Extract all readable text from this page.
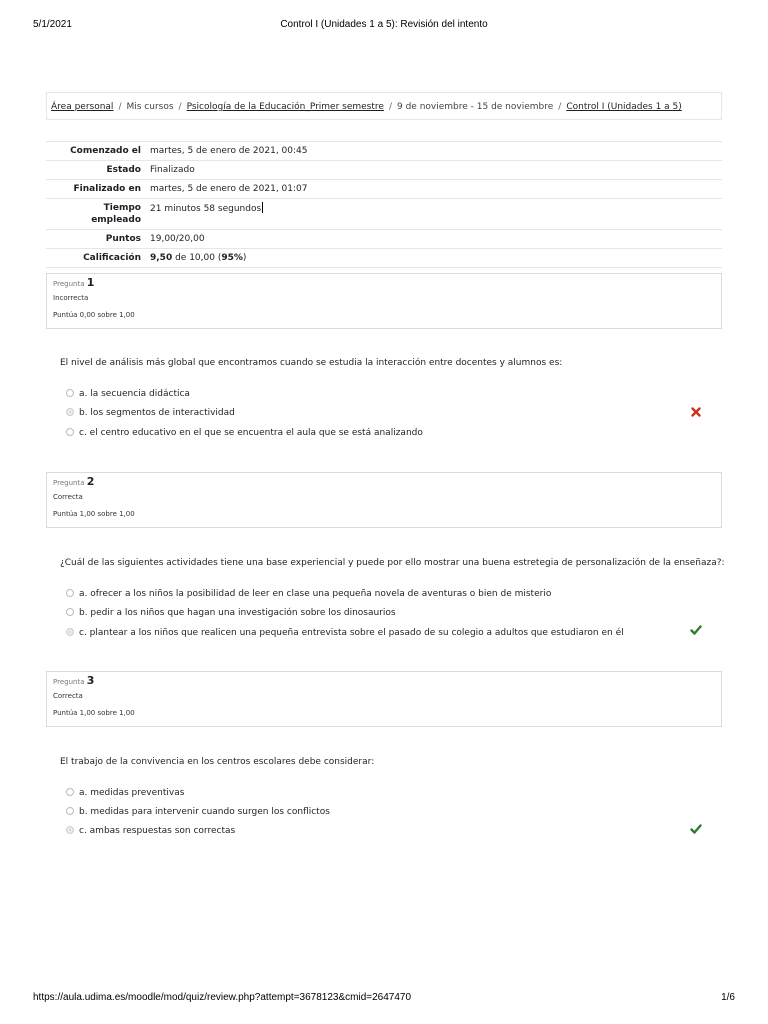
5/1/2021	Control I (Unidades 1 a 5): Revisión del intento
Área personal / Mis cursos / Psicología de la Educación_Primer semestre / 9 de noviembre - 15 de noviembre / Control I (Unidades 1 a 5)
Comenzado el	martes, 5 de enero de 2021, 00:45
Estado	Finalizado
Finalizado en	martes, 5 de enero de 2021, 01:07
Tiempo
empleado	21 minutos 58 segundos
Puntos	19,00/20,00
Calificación	9,50 de 10,00 (95%)
Pregunta 1
Incorrecta
Puntúa 0,00 sobre 1,00
El nivel de análisis más global que encontramos cuando se estudia la interacción entre docentes y alumnos es:
a. la secuencia didáctica
b. los segmentos de interactividad
c. el centro educativo en el que se encuentra el aula que se está analizando
Pregunta 2
Correcta
Puntúa 1,00 sobre 1,00
¿Cuál de las siguientes actividades tiene una base experiencial y puede por ello mostrar una buena estretegia de personalización de la enseñaza?:
a. ofrecer a los niños la posibilidad de leer en clase una pequeña novela de aventuras o bien de misterio
b. pedir a los niños que hagan una investigación sobre los dinosaurios
c. plantear a los niños que realicen una pequeña entrevista sobre el pasado de su colegio a adultos que estudiaron en él
Pregunta 3
Correcta
Puntúa 1,00 sobre 1,00
El trabajo de la convivencia en los centros escolares debe considerar:
a. medidas preventivas
b. medidas para intervenir cuando surgen los conflictos
c. ambas respuestas son correctas
https://aula.udima.es/moodle/mod/quiz/review.php?attempt=3678123&cmid=2647470	1/6
